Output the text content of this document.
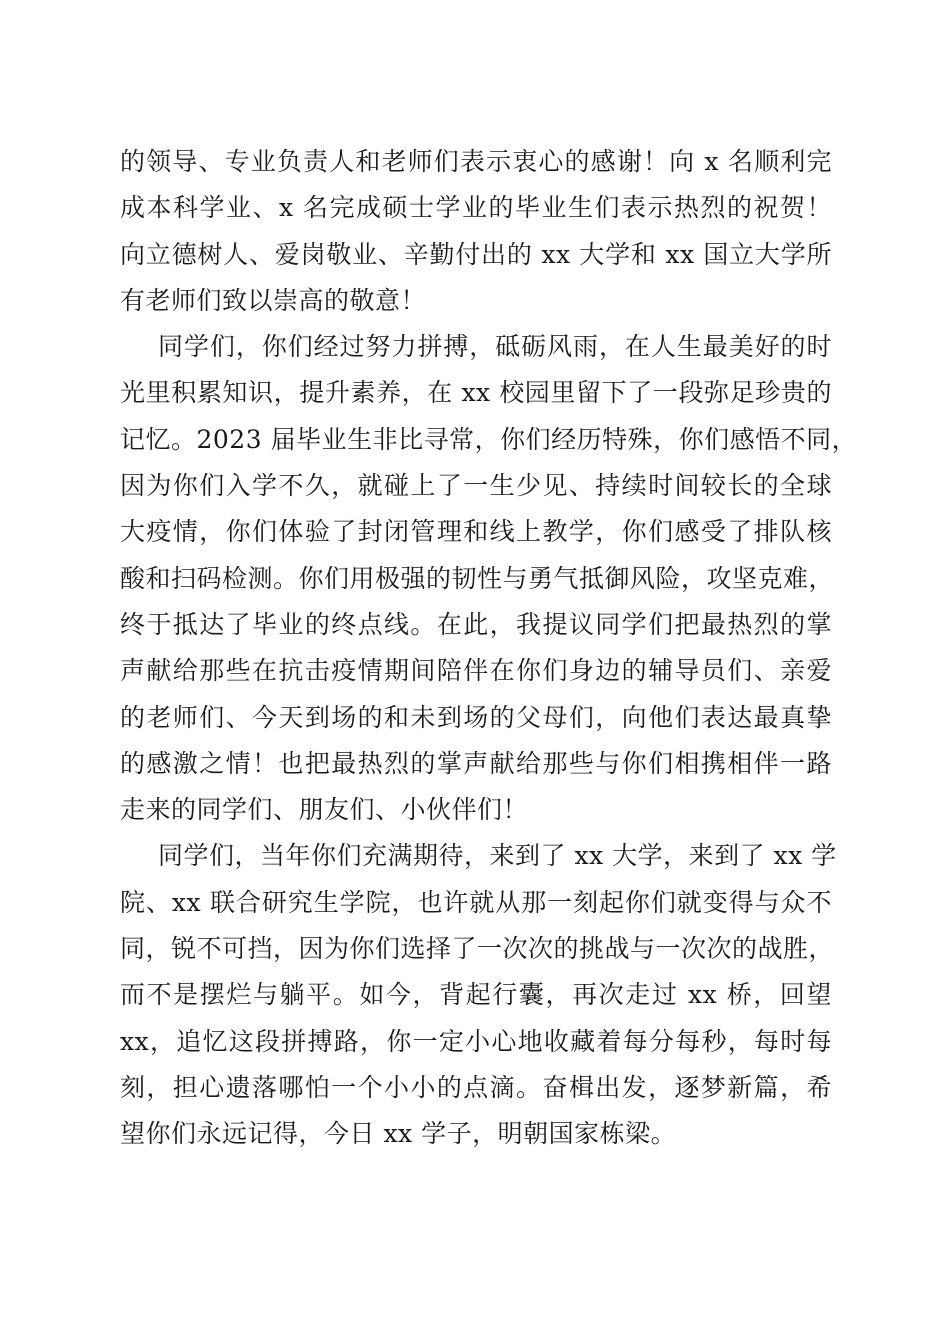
的领导、专业负责人和老师们表示衷心的感谢！向 x 名顺利完
成本科学业、x 名完成硕士学业的毕业生们表示热烈的祝贺！
向立德树人、爱岗敬业、辛勤付出的 xx 大学和 xx 国立大学所
有老师们致以崇高的敬意！
同学们，你们经过努力拼搏，砥砺风雨，在人生最美好的时
光里积累知识，提升素养，在 xx 校园里留下了一段弥足珍贵的
记忆。2023 届毕业生非比寻常，你们经历特殊，你们感悟不同，
因为你们入学不久，就碰上了一生少见、持续时间较长的全球
大疫情，你们体验了封闭管理和线上教学，你们感受了排队核
酸和扫码检测。你们用极强的韧性与勇气抵御风险，攻坚克难，
终于抵达了毕业的终点线。在此，我提议同学们把最热烈的掌
声献给那些在抗击疫情期间陪伴在你们身边的辅导员们、亲爱
的老师们、今天到场的和未到场的父母们，向他们表达最真挚
的感激之情！也把最热烈的掌声献给那些与你们相携相伴一路
走来的同学们、朋友们、小伙伴们！
同学们，当年你们充满期待，来到了 xx 大学，来到了 xx 学
院、xx 联合研究生学院，也许就从那一刻起你们就变得与众不
同，锐不可挡，因为你们选择了一次次的挑战与一次次的战胜，
而不是摆烂与躺平。如今，背起行囊，再次走过 xx 桥，回望
xx，追忆这段拼搏路，你一定小心地收藏着每分每秒，每时每
刻，担心遗落哪怕一个小小的点滴。奋楫出发，逐梦新篇，希
望你们永远记得，今日 xx 学子，明朝国家栋梁。
